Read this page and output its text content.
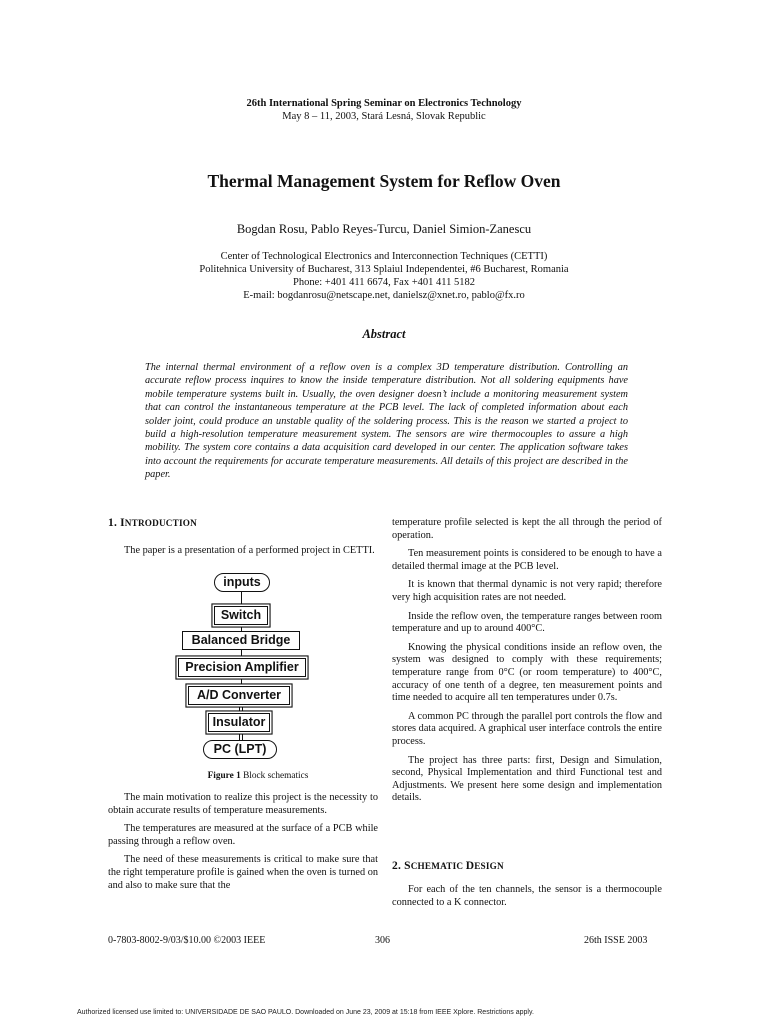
26th International Spring Seminar on Electronics Technology
May 8 – 11, 2003, Stará Lesná, Slovak Republic
Thermal Management System for Reflow Oven
Bogdan Rosu, Pablo Reyes-Turcu, Daniel Simion-Zanescu
Center of Technological Electronics and Interconnection Techniques (CETTI)
Politehnica University of Bucharest, 313 Splaiul Independentei, #6 Bucharest, Romania
Phone: +401 411 6674, Fax +401 411 5182
E-mail: bogdanrosu@netscape.net, danielsz@xnet.ro, pablo@fx.ro
Abstract
The internal thermal environment of a reflow oven is a complex 3D temperature distribution. Controlling an accurate reflow process inquires to know the inside temperature distribution. Not all soldering equipments have mobile temperature systems built in. Usually, the oven designer doesn’t include a monitoring measurement system that can control the instantaneous temperature at the PCB level. The lack of completed information about each solder joint, could produce an unstable quality of the soldering process. This is the reason we started a project to build a high-resolution temperature measurement system. The sensors are wire thermocouples to assure a high mobility. The system core contains a data acquisition card developed in our center. The application software takes into account the requirements for accurate temperature measurements. All details of this project are described in the paper.
1. INTRODUCTION

The paper is a presentation of a performed project in CETTI.

inputs
Switch
Balanced Bridge
Precision Amplifier
A/D Converter
Insulator
PC (LPT)
Figure 1 Block schematics

The main motivation to realize this project is the necessity to obtain accurate results of temperature measurements.

The temperatures are measured at the surface of a PCB while passing through a reflow oven.

The need of these measurements is critical to make sure that the right temperature profile is gained when the oven is turned on and also to make sure that the

temperature profile selected is kept the all through the period of operation.

Ten measurement points is considered to be enough to have a detailed thermal image at the PCB level.

It is known that thermal dynamic is not very rapid; therefore very high acquisition rates are not needed.

Inside the reflow oven, the temperature ranges between room temperature and up to around 400°C.

Knowing the physical conditions inside an reflow oven, the system was designed to comply with these requirements; temperature range from 0°C (or room temperature) to 400°C, accuracy of one tenth of a degree, ten measurement points and time needed to acquire all ten temperatures under 0.7s.

A common PC through the parallel port controls the flow and stores data acquired. A graphical user interface controls the entire process.

The project has three parts: first, Design and Simulation, second, Physical Implementation and third Functional test and Adjustments. We present here some design and implementation details.

2. SCHEMATIC DESIGN

For each of the ten channels, the sensor is a thermocouple connected to a K connector.

0-7803-8002-9/03/$10.00 ©2003 IEEE	306	26th ISSE 2003
Authorized licensed use limited to: UNIVERSIDADE DE SAO PAULO. Downloaded on June 23, 2009 at 15:18 from IEEE Xplore. Restrictions apply.
